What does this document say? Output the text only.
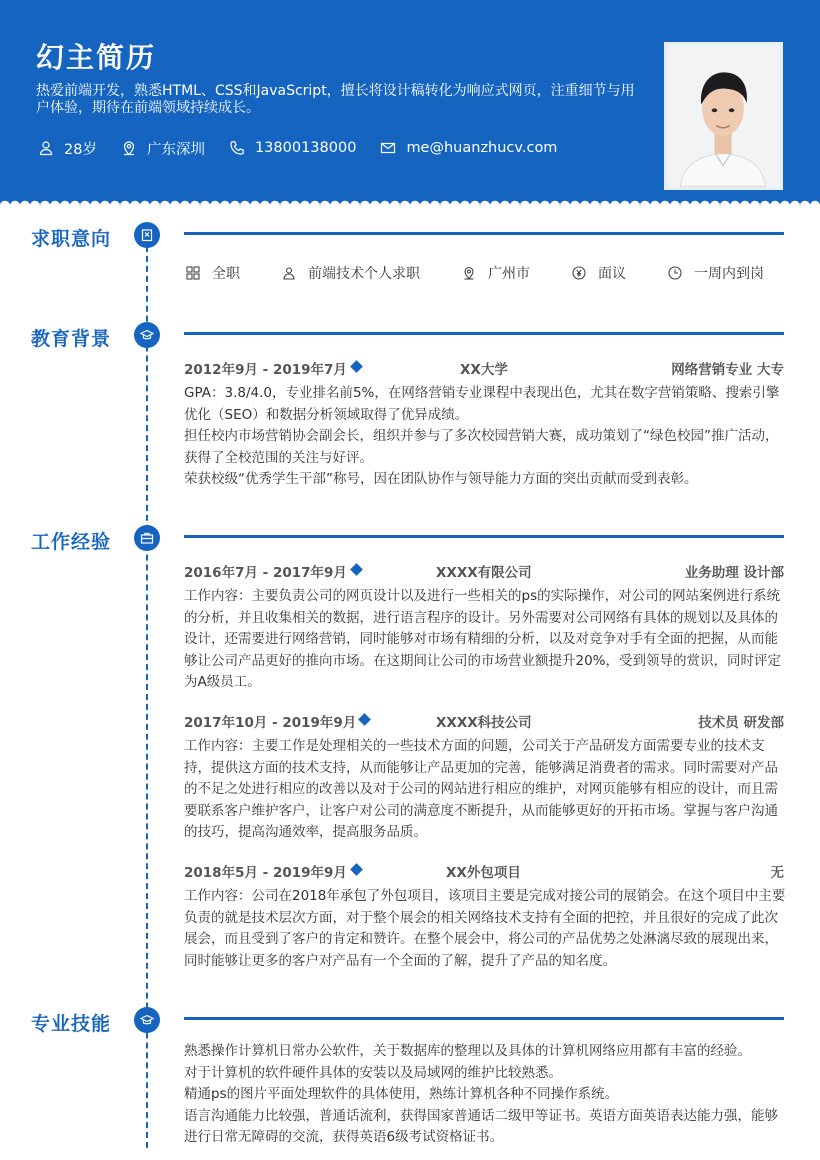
幻主简历
热爱前端开发，熟悉HTML、CSS和JavaScript，擅长将设计稿转化为响应式网页，注重细节与用户体验，期待在前端领域持续成长。
28岁	广东深圳	13800138000	me@huanzhucv.com
求职意向
全职	前端技术个人求职	广州市	面议	一周内到岗
教育背景
2012年9月 - 2019年7月	XX大学	网络营销专业 大专
GPA：3.8/4.0，专业排名前5%，在网络营销专业课程中表现出色，尤其在数字营销策略、搜索引擎优化（SEO）和数据分析领域取得了优异成绩。
担任校内市场营销协会副会长，组织并参与了多次校园营销大赛，成功策划了“绿色校园”推广活动，获得了全校范围的关注与好评。
荣获校级“优秀学生干部”称号，因在团队协作与领导能力方面的突出贡献而受到表彰。
工作经验
2016年7月 - 2017年9月	XXXX有限公司	业务助理 设计部
工作内容：主要负责公司的网页设计以及进行一些相关的ps的实际操作，对公司的网站案例进行系统的分析，并且收集相关的数据，进行语言程序的设计。另外需要对公司网络有具体的规划以及具体的设计，还需要进行网络营销，同时能够对市场有精细的分析，以及对竞争对手有全面的把握，从而能够让公司产品更好的推向市场。在这期间让公司的市场营业额提升20%，受到领导的赏识，同时评定为A级员工。
2017年10月 - 2019年9月	XXXX科技公司	技术员 研发部
工作内容：主要工作是处理相关的一些技术方面的问题，公司关于产品研发方面需要专业的技术支持，提供这方面的技术支持，从而能够让产品更加的完善，能够满足消费者的需求。同时需要对产品的不足之处进行相应的改善以及对于公司的网站进行相应的维护，对网页能够有相应的设计，而且需要联系客户维护客户，让客户对公司的满意度不断提升，从而能够更好的开拓市场。掌握与客户沟通的技巧，提高沟通效率，提高服务品质。
2018年5月 - 2019年9月	XX外包项目	无
工作内容：公司在2018年承包了外包项目，该项目主要是完成对接公司的展销会。在这个项目中主要负责的就是技术层次方面，对于整个展会的相关网络技术支持有全面的把控，并且很好的完成了此次展会，而且受到了客户的肯定和赞许。在整个展会中，将公司的产品优势之处淋漓尽致的展现出来，同时能够让更多的客户对产品有一个全面的了解，提升了产品的知名度。
专业技能
熟悉操作计算机日常办公软件，关于数据库的整理以及具体的计算机网络应用都有丰富的经验。
对于计算机的软件硬件具体的安装以及局域网的维护比较熟悉。
精通ps的图片平面处理软件的具体使用，熟练计算机各种不同操作系统。
语言沟通能力比较强，普通话流利，获得国家普通话二级甲等证书。英语方面英语表达能力强，能够进行日常无障碍的交流，获得英语6级考试资格证书。
